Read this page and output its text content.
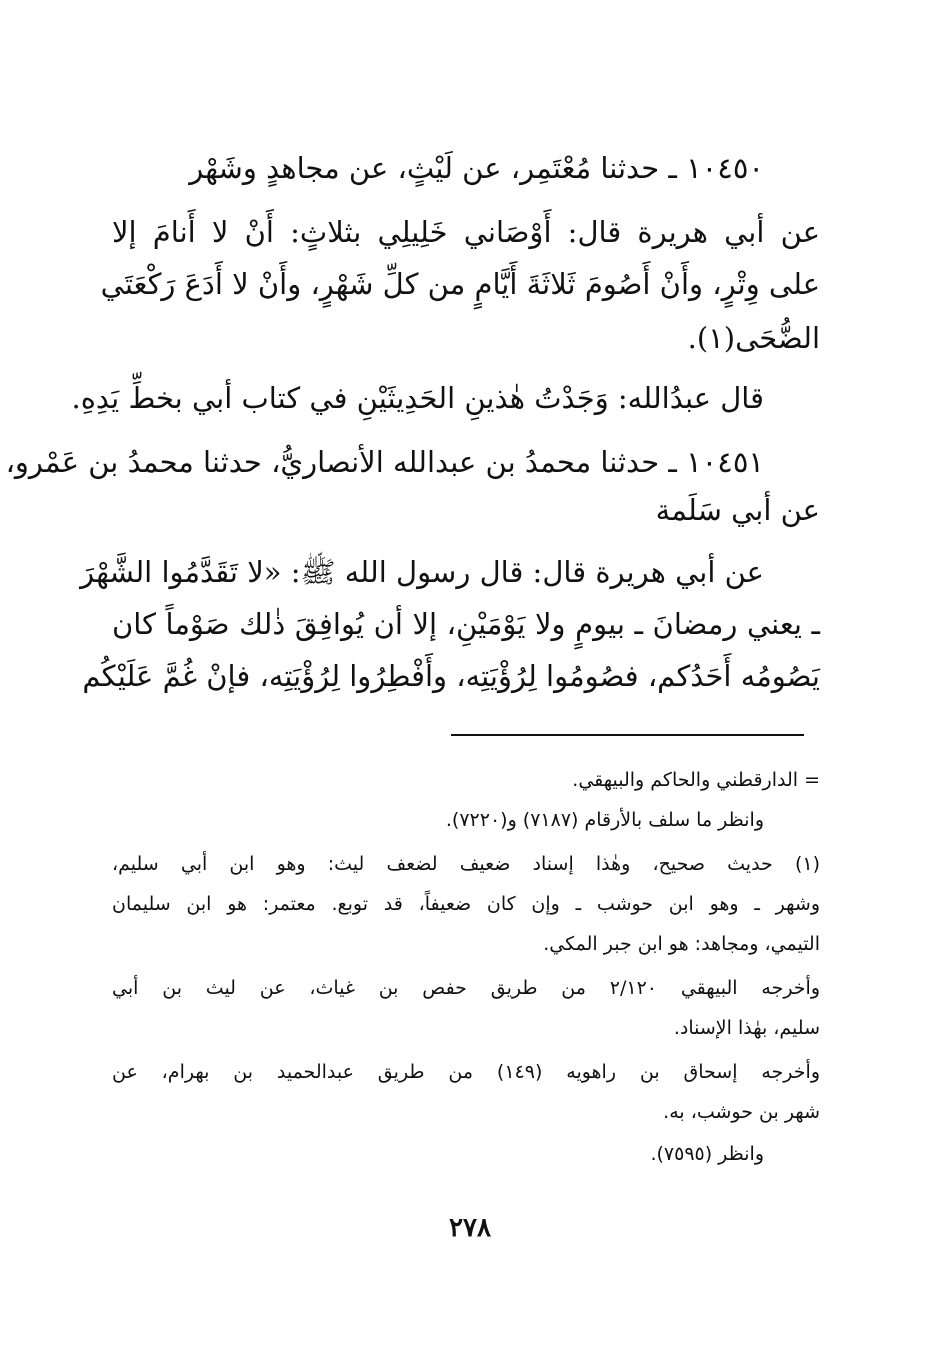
١٠٤٥٠ ـ حدثنا مُعْتَمِر، عن لَيْثٍ، عن مجاهدٍ وشَهْر
عن أبي هريرة قال: أَوْصَاني خَلِيلِي بثلاثٍ: أَنْ لا أَنامَ إلا
على وِتْرٍ، وأَنْ أَصُومَ ثَلاثَةَ أَيَّامٍ من كلِّ شَهْرٍ، وأَنْ لا أَدَعَ رَكْعَتَي
الضُّحَى(١).
قال عبدُالله: وَجَدْتُ هٰذينِ الحَدِيثَيْنِ في كتاب أبي بخطِّ يَدِهِ.
١٠٤٥١ ـ حدثنا محمدُ بن عبدالله الأنصاريُّ، حدثنا محمدُ بن عَمْرو،
عن أبي سَلَمة
عن أبي هريرة قال: قال رسول الله ﷺ: «لا تَقَدَّمُوا الشَّهْرَ
ـ يعني رمضانَ ـ بيومٍ ولا يَوْمَيْنِ، إلا أن يُوافِقَ ذٰلك صَوْماً كان
يَصُومُه أَحَدُكم، فصُومُوا لِرُؤْيَتِه، وأَفْطِرُوا لِرُؤْيَتِه، فإنْ غُمَّ عَلَيْكُم
= الدارقطني والحاكم والبيهقي.
وانظر ما سلف بالأرقام (٧١٨٧) و(٧٢٢٠).
(١) حديث صحيح، وهٰذا إسناد ضعيف لضعف ليث: وهو ابن أبي سليم،
وشهر ـ وهو ابن حوشب ـ وإن كان ضعيفاً، قد توبع. معتمر: هو ابن سليمان
التيمي، ومجاهد: هو ابن جبر المكي.
وأخرجه البيهقي ٢/١٢٠ من طريق حفص بن غياث، عن ليث بن أبي
سليم، بهٰذا الإسناد.
وأخرجه إسحاق بن راهويه (١٤٩) من طريق عبدالحميد بن بهرام، عن
شهر بن حوشب، به.
وانظر (٧٥٩٥).
٢٧٨
